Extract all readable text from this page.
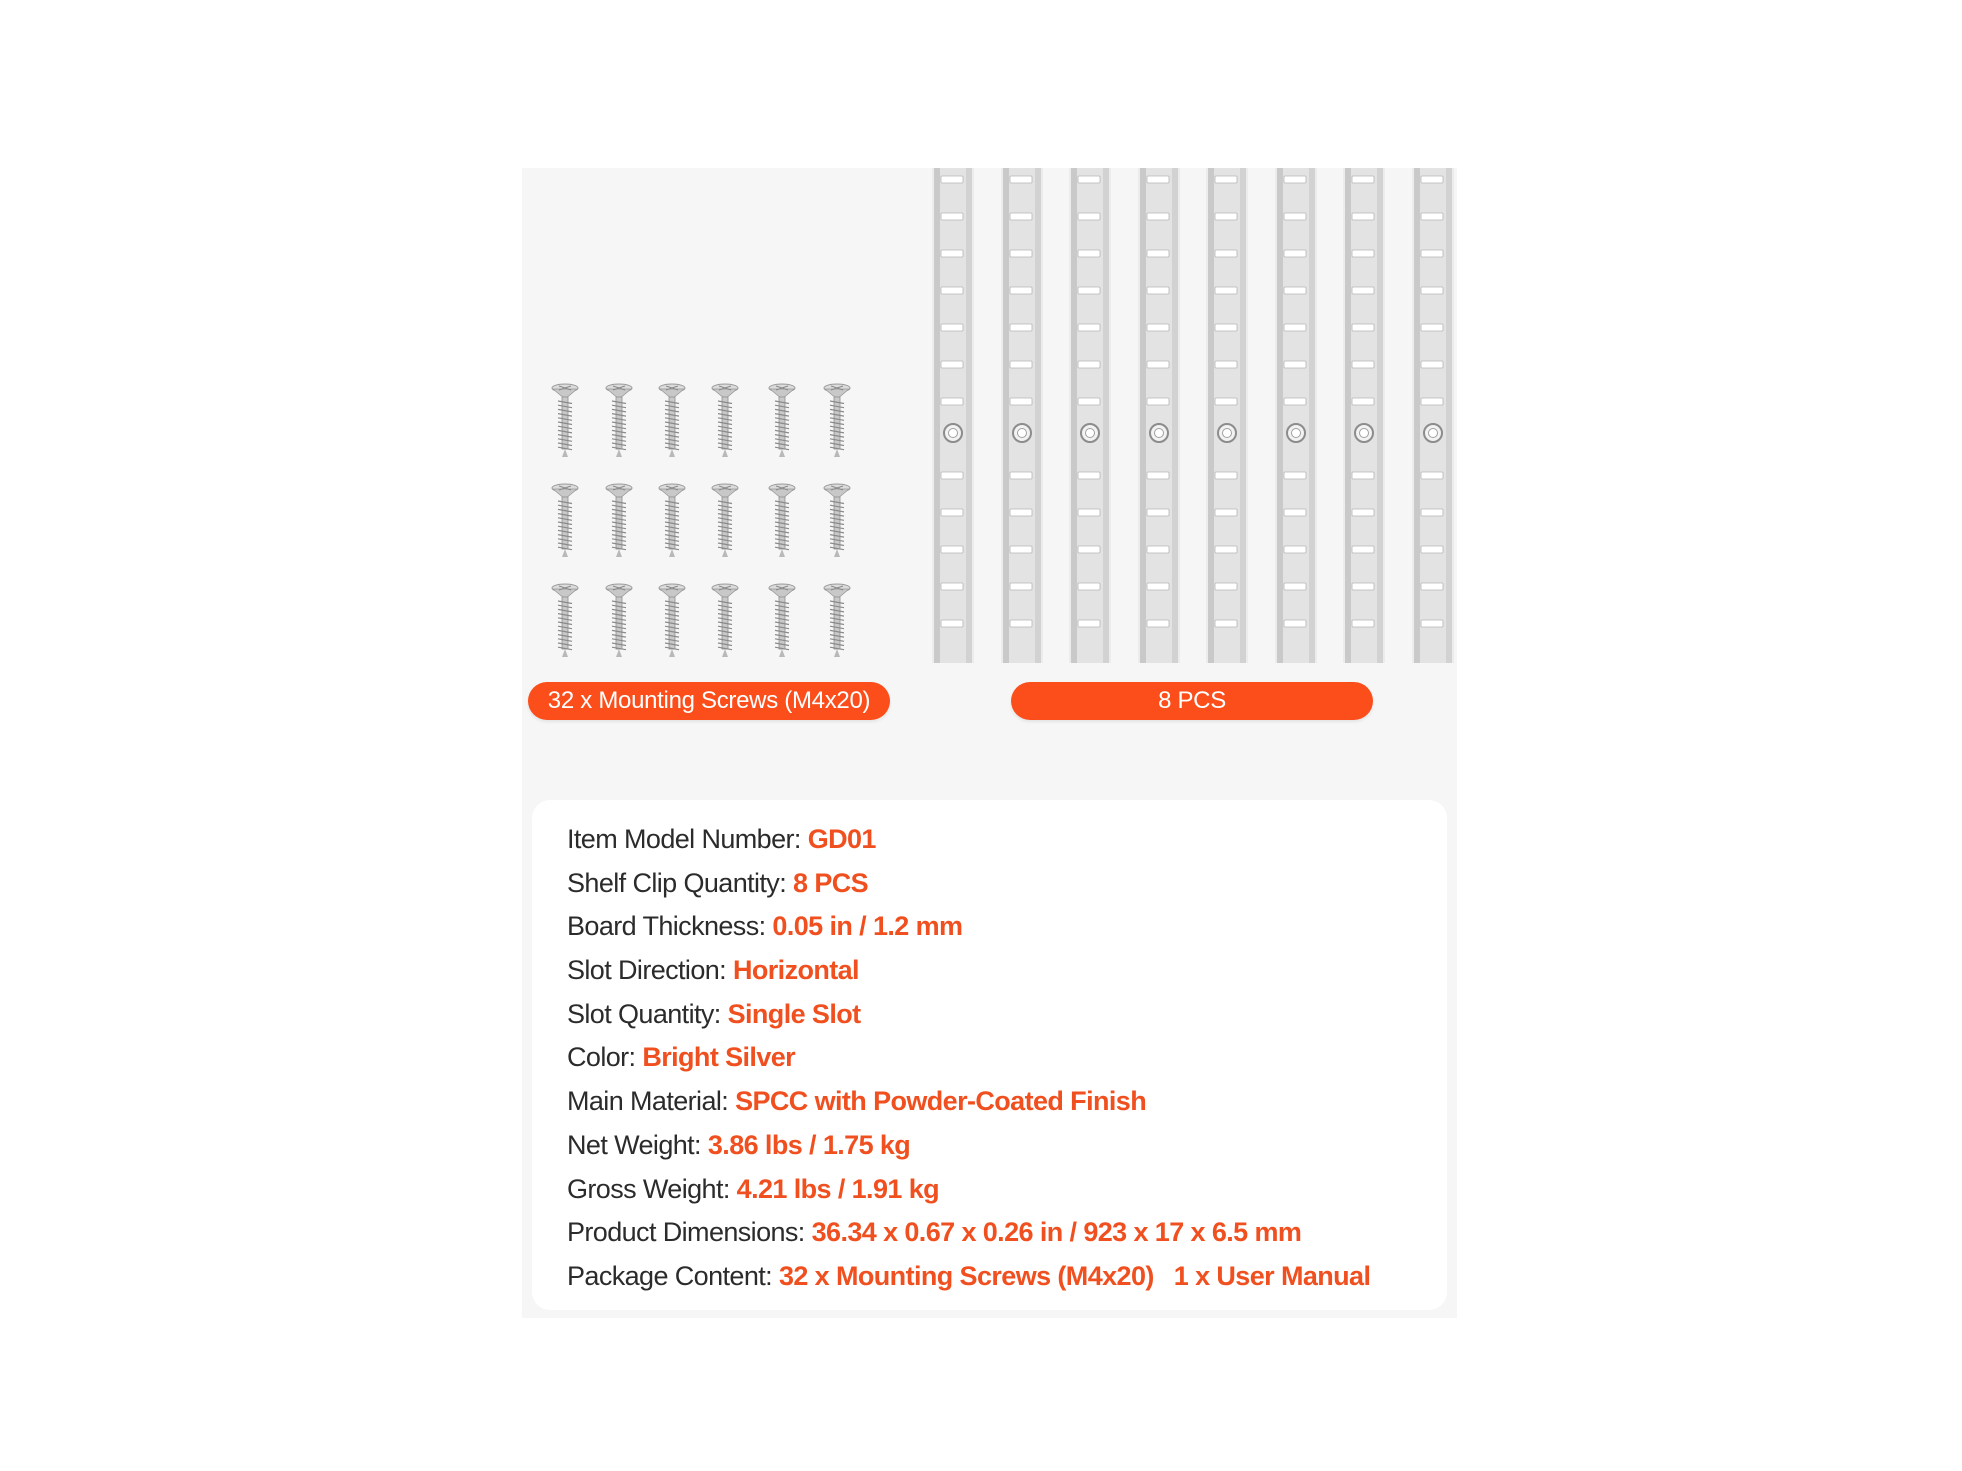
32 x Mounting Screws (M4x20)	8 PCS
Item Model Number: GD01
Shelf Clip Quantity: 8 PCS
Board Thickness: 0.05 in / 1.2 mm
Slot Direction: Horizontal
Slot Quantity: Single Slot
Color: Bright Silver
Main Material: SPCC with Powder-Coated Finish
Net Weight: 3.86 lbs / 1.75 kg
Gross Weight: 4.21 lbs / 1.91 kg
Product Dimensions: 36.34 x 0.67 x 0.26 in / 923 x 17 x 6.5 mm
Package Content: 32 x Mounting Screws (M4x20) 1 x User Manual
